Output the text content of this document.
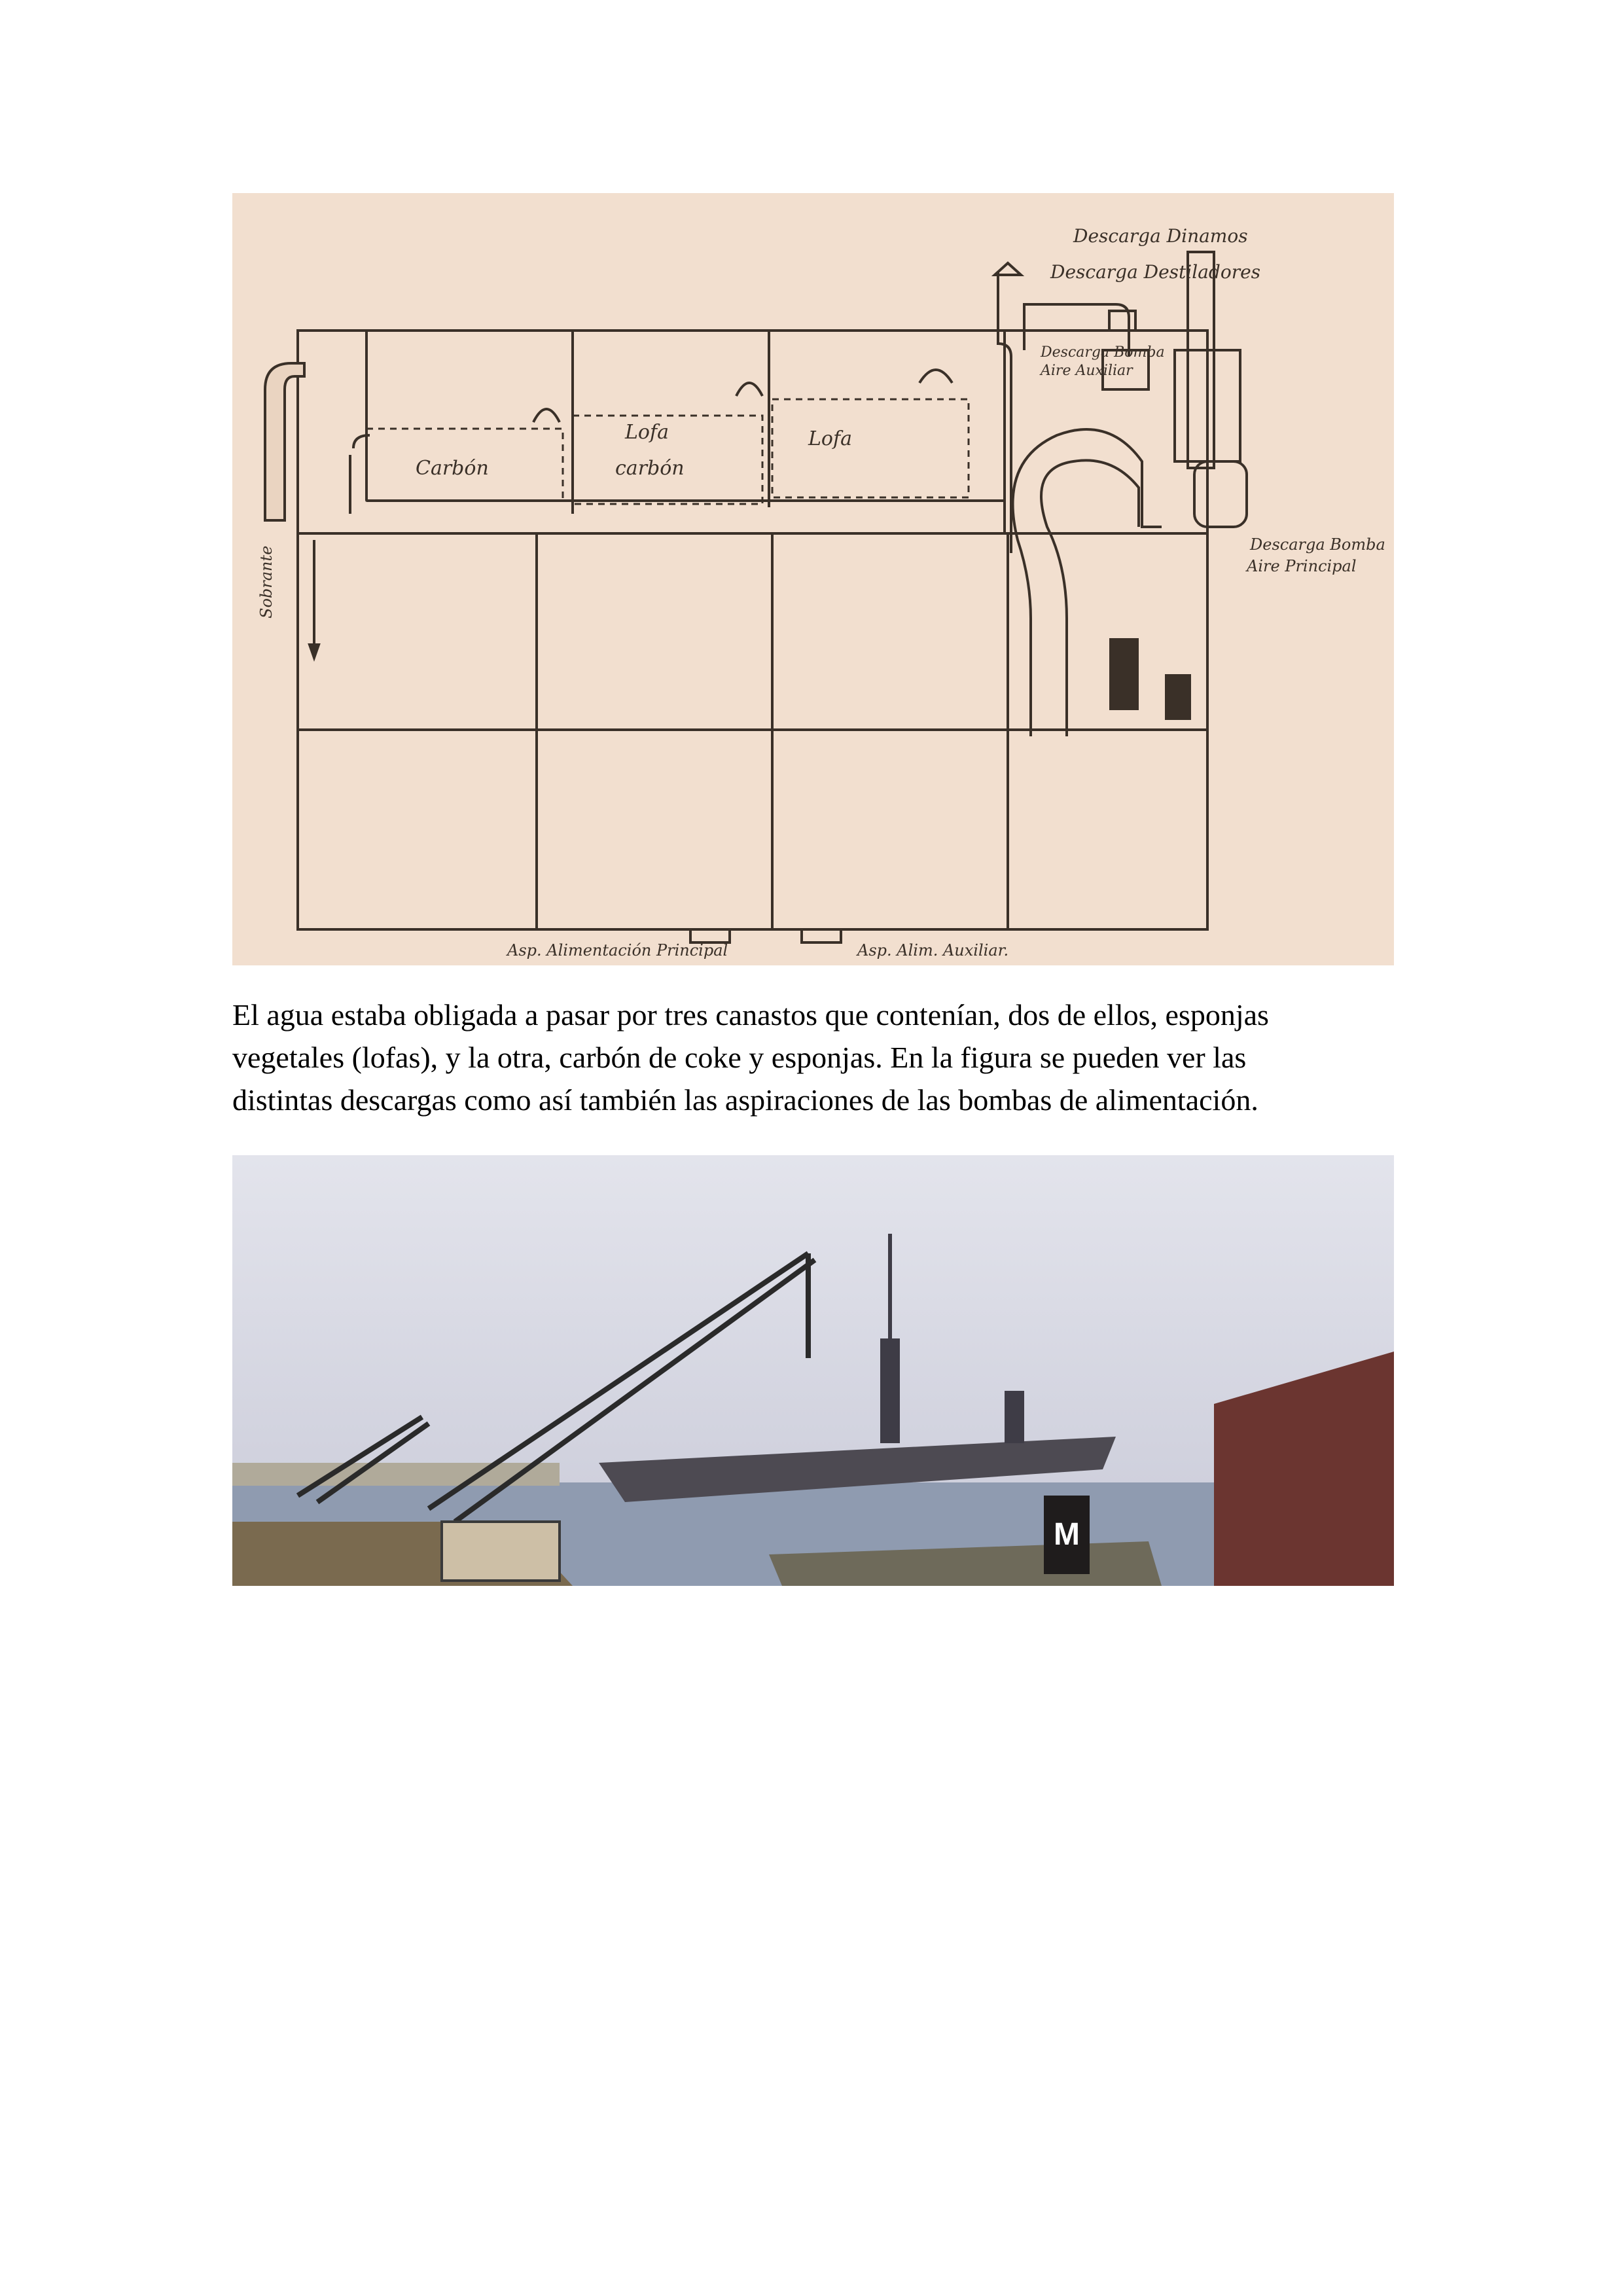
Descarga Dinamos
Descarga Destiladores
Descarga Bomba
Aire Auxiliar
Descarga Bomba
Aire Principal
Sobrante
Carbón
Lofa
carbón
Lofa
Asp. Alimentación Principal	Asp. Alim. Auxiliar.

El agua estaba obligada a pasar por tres canastos que contenían, dos de ellos, esponjas

vegetales (lofas), y la otra, carbón de coke y esponjas. En la figura se pueden ver las

distintas descargas como así también las aspiraciones de las bombas de alimentación.

M
